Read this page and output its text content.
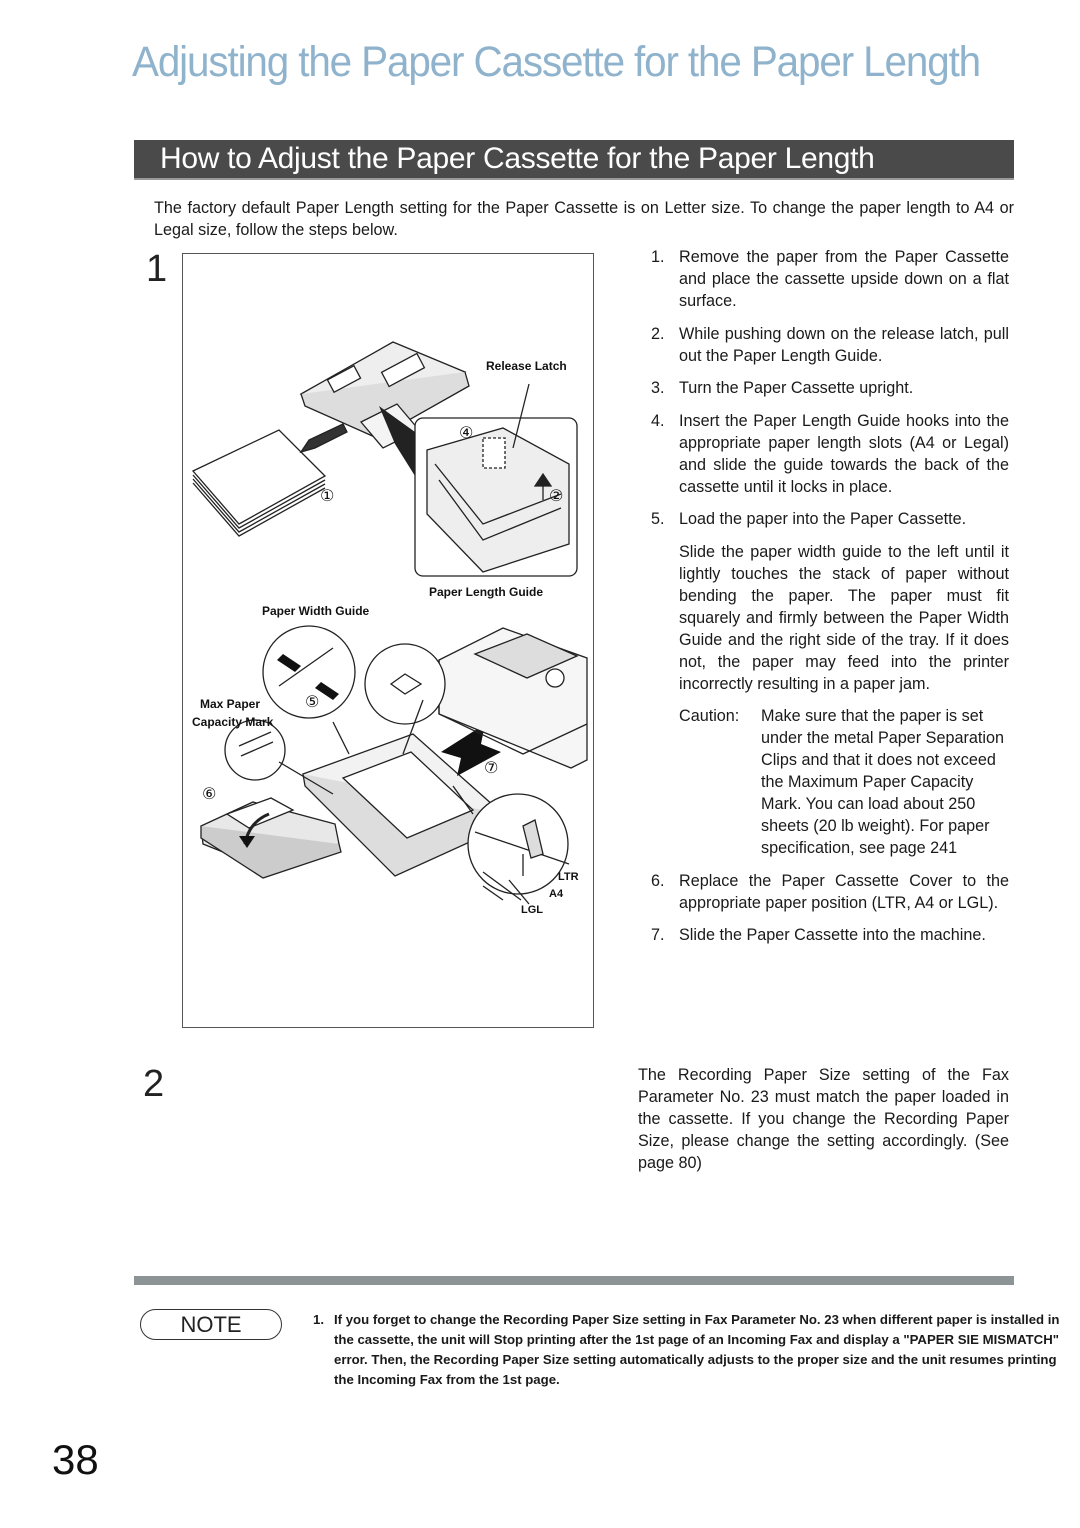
Adjusting the Paper Cassette for the Paper Length
How to Adjust the Paper Cassette for the Paper Length
The factory default Paper Length setting for the Paper Cassette is on Letter size. To change the paper length to A4 or Legal size, follow the steps below.
1
2
Release Latch
Paper Length Guide
Paper Width Guide
Max Paper
Capacity Mark
LTR
A4
LGL
①	②
④
⑤
⑥
⑦
1. Remove the paper from the Paper Cassette and place the cassette upside down on a flat surface.
2. While pushing down on the release latch, pull out the Paper Length Guide.
3. Turn the Paper Cassette upright.
4. Insert the Paper Length Guide hooks into the appropriate paper length slots (A4 or Legal) and slide the guide towards the back of the cassette until it locks in place.
5. Load the paper into the Paper Cassette.
Slide the paper width guide to the left until it lightly touches the stack of paper without bending the paper. The paper must fit squarely and firmly between the Paper Width Guide and the right side of the tray. If it does not, the paper may feed into the printer incorrectly resulting in a paper jam.
Caution:	Make sure that the paper is set under the metal Paper Separation Clips and that it does not exceed the Maximum Paper Capacity Mark. You can load about 250 sheets (20 lb weight). For paper specification, see page 241
6. Replace the Paper Cassette Cover to the appropriate paper position (LTR, A4 or LGL).
7. Slide the Paper Cassette into the machine.
The Recording Paper Size setting of the Fax Parameter No. 23 must match the paper loaded in the cassette. If you change the Recording Paper Size, please change the setting accordingly. (See page 80)
NOTE	1. If you forget to change the Recording Paper Size setting in Fax Parameter No. 23 when different paper is installed in the cassette, the unit will Stop printing after the 1st page of an Incoming Fax and display a "PAPER SIE MISMATCH" error. Then, the Recording Paper Size setting automatically adjusts to the proper size and the unit resumes printing the Incoming Fax from the 1st page.
38
